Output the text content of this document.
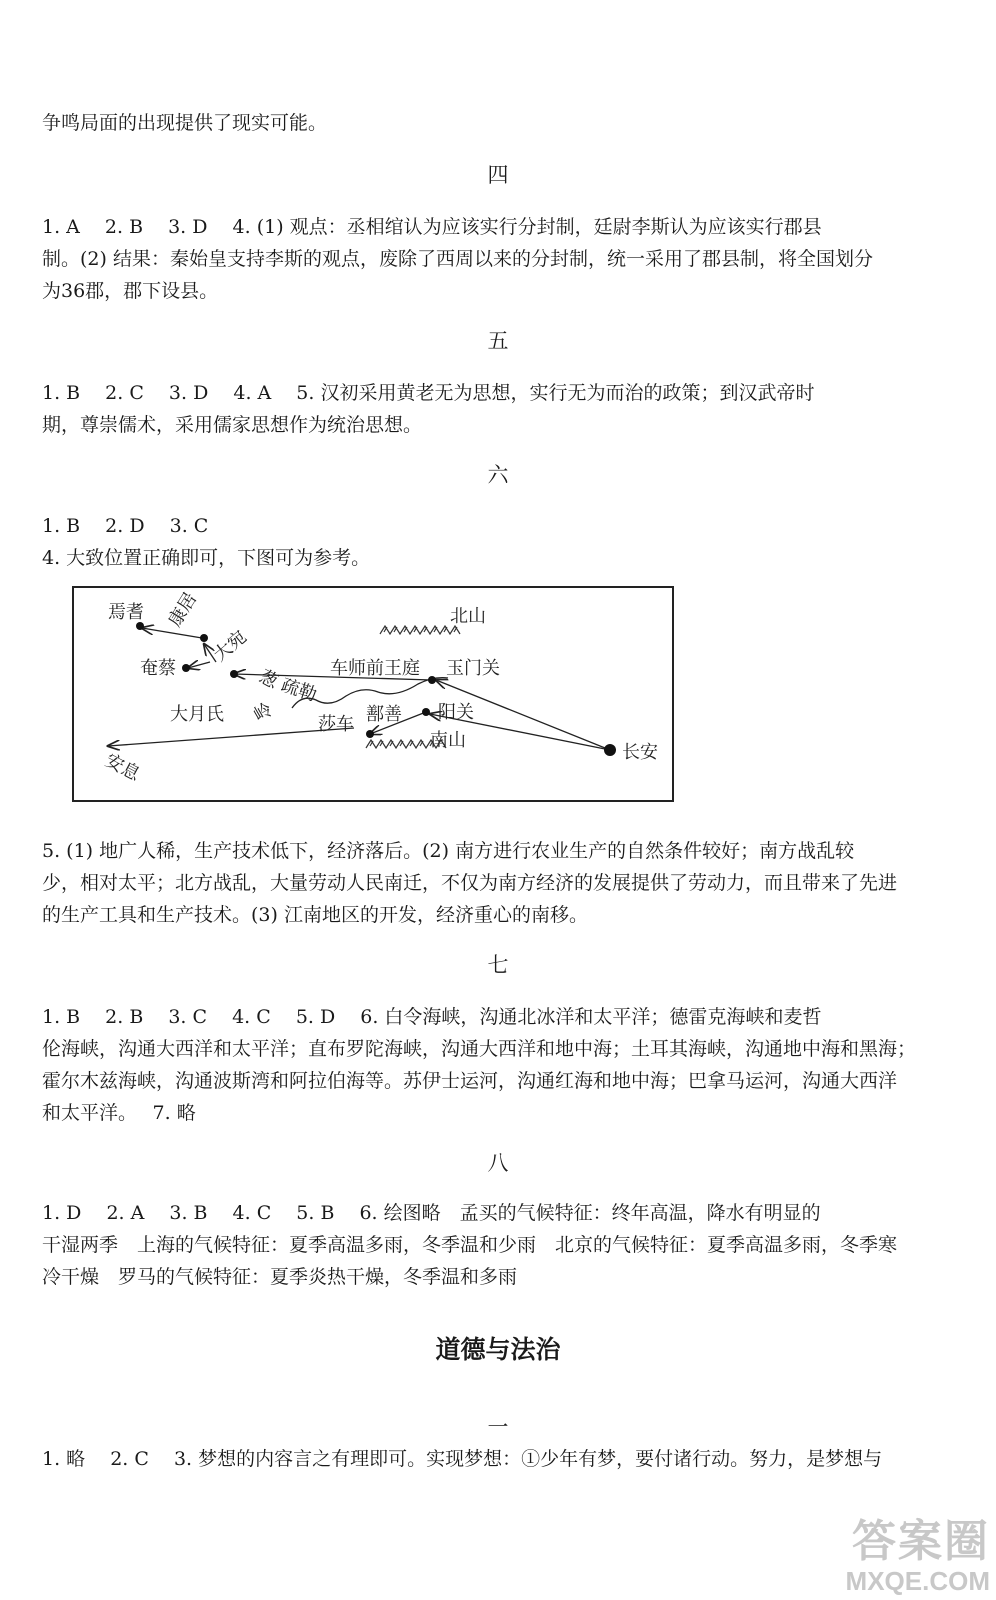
争鸣局面的出现提供了现实可能。
四
1. A　 2. B　 3. D　 4. (1) 观点：丞相绾认为应该实行分封制，廷尉李斯认为应该实行郡县
制。(2) 结果：秦始皇支持李斯的观点，废除了西周以来的分封制，统一采用了郡县制，将全国划分
为36郡，郡下设县。
五
1. B　 2. C　 3. D　 4. A　 5. 汉初采用黄老无为思想，实行无为而治的政策；到汉武帝时
期，尊崇儒术，采用儒家思想作为统治思想。
六
1. B　 2. D　 3. C
4. 大致位置正确即可，下图可为参考。
焉耆 康居	北山
大宛
奄蔡	葱
疏勒
车师前王庭 玉门关
大月氏 岭 莎车 鄯善 阳关
南山
安息	长安
5. (1) 地广人稀，生产技术低下，经济落后。(2) 南方进行农业生产的自然条件较好；南方战乱较
少，相对太平；北方战乱，大量劳动人民南迁，不仅为南方经济的发展提供了劳动力，而且带来了先进
的生产工具和生产技术。(3) 江南地区的开发，经济重心的南移。
七
1. B　 2. B　 3. C　 4. C　 5. D　 6. 白令海峡，沟通北冰洋和太平洋；德雷克海峡和麦哲
伦海峡，沟通大西洋和太平洋；直布罗陀海峡，沟通大西洋和地中海；土耳其海峡，沟通地中海和黑海；
霍尔木兹海峡，沟通波斯湾和阿拉伯海等。苏伊士运河，沟通红海和地中海；巴拿马运河，沟通大西洋
和太平洋。　 7. 略
八
1. D　 2. A　 3. B　 4. C　 5. B　 6. 绘图略　孟买的气候特征：终年高温，降水有明显的
干湿两季　上海的气候特征：夏季高温多雨，冬季温和少雨　北京的气候特征：夏季高温多雨，冬季寒
冷干燥　罗马的气候特征：夏季炎热干燥，冬季温和多雨
道德与法治
一
1. 略　 2. C　 3. 梦想的内容言之有理即可。实现梦想：①少年有梦，要付诸行动。努力，是梦想与
答案圈
MXQE.COM
